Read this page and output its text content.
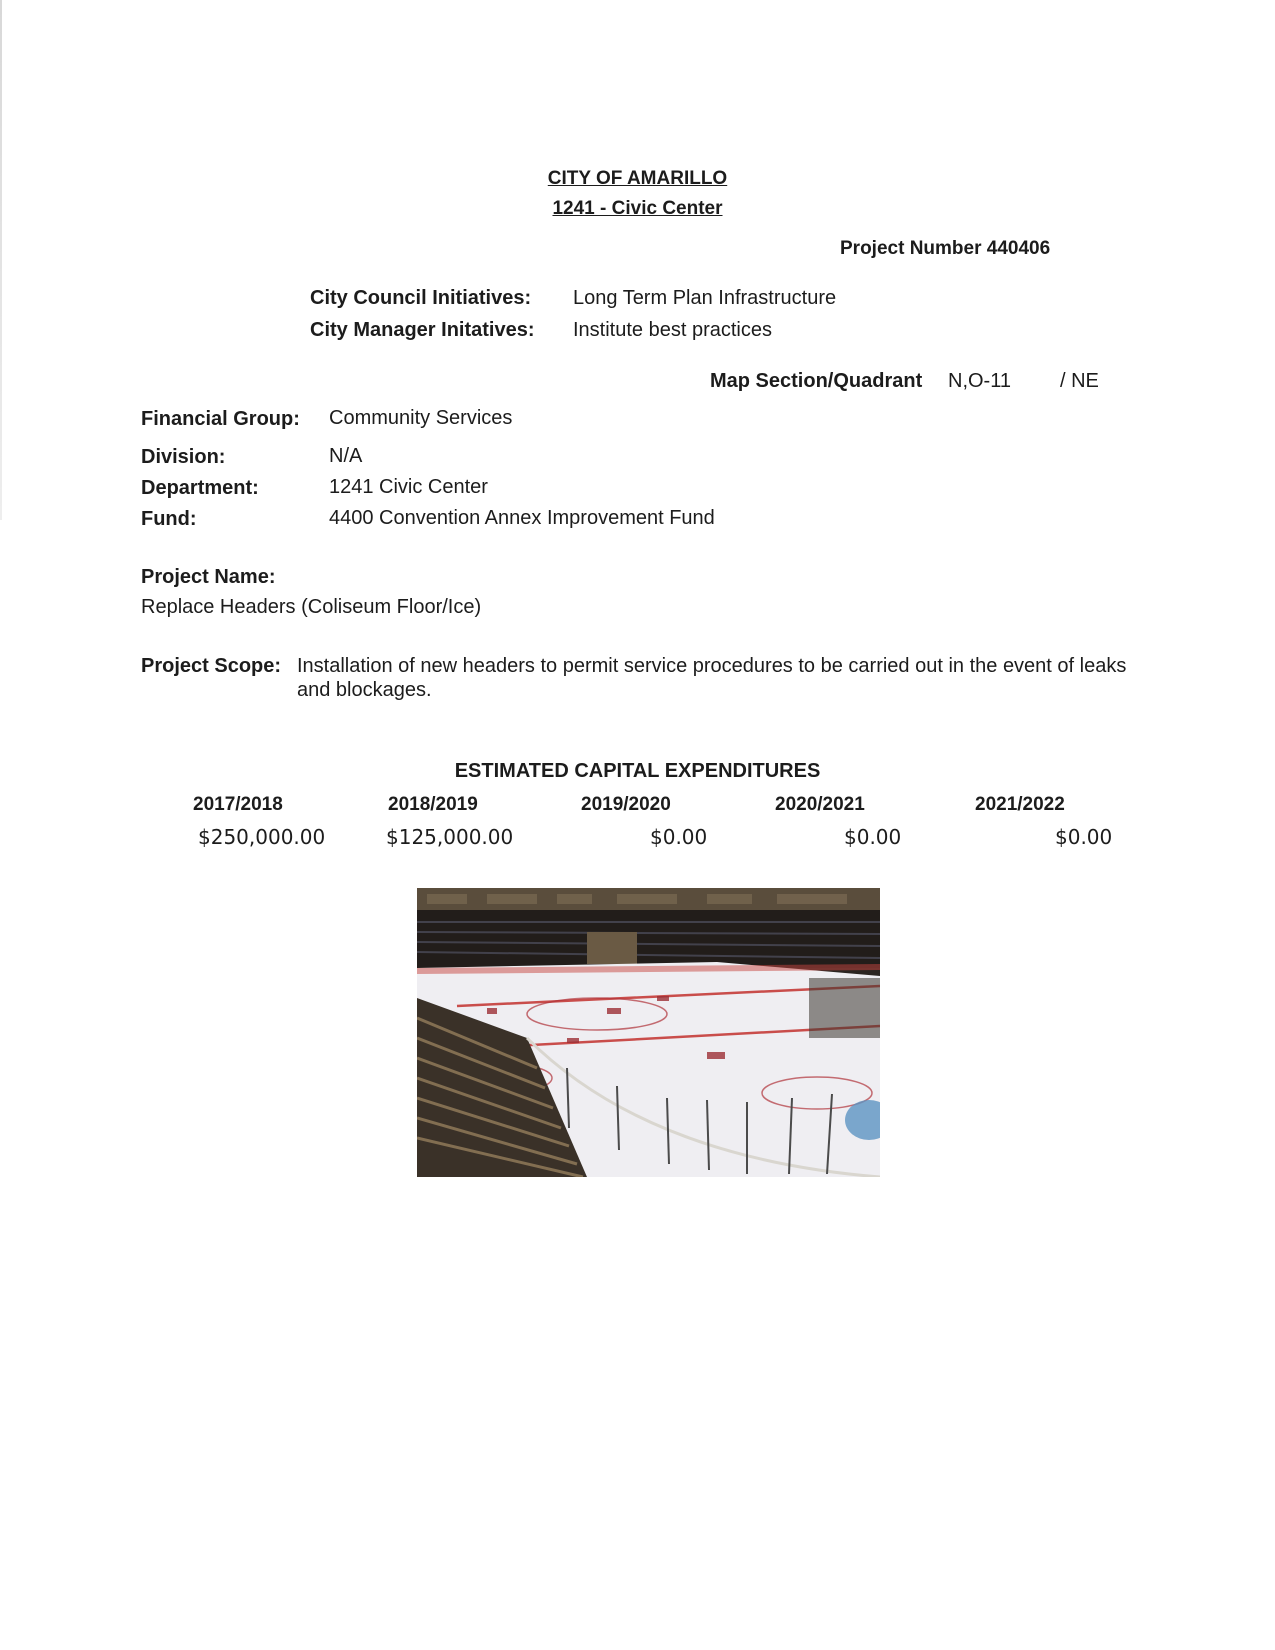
CITY OF AMARILLO
1241 - Civic Center
Project Number 440406
City Council Initiatives: Long Term Plan Infrastructure
City Manager Initatives: Institute best practices
Map Section/Quadrant N,O-11 / NE
Financial Group: Community Services
Division:	N/A
Department:	1241 Civic Center
Fund:	4400 Convention Annex Improvement Fund
Project Name:
Replace Headers (Coliseum Floor/Ice)
Project Scope: Installation of new headers to permit service procedures to be carried out in the event of leaks and blockages.
ESTIMATED CAPITAL EXPENDITURES
2017/2018	2018/2019	2019/2020	2020/2021	2021/2022
$250,000.00	$125,000.00	$0.00	$0.00	$0.00
